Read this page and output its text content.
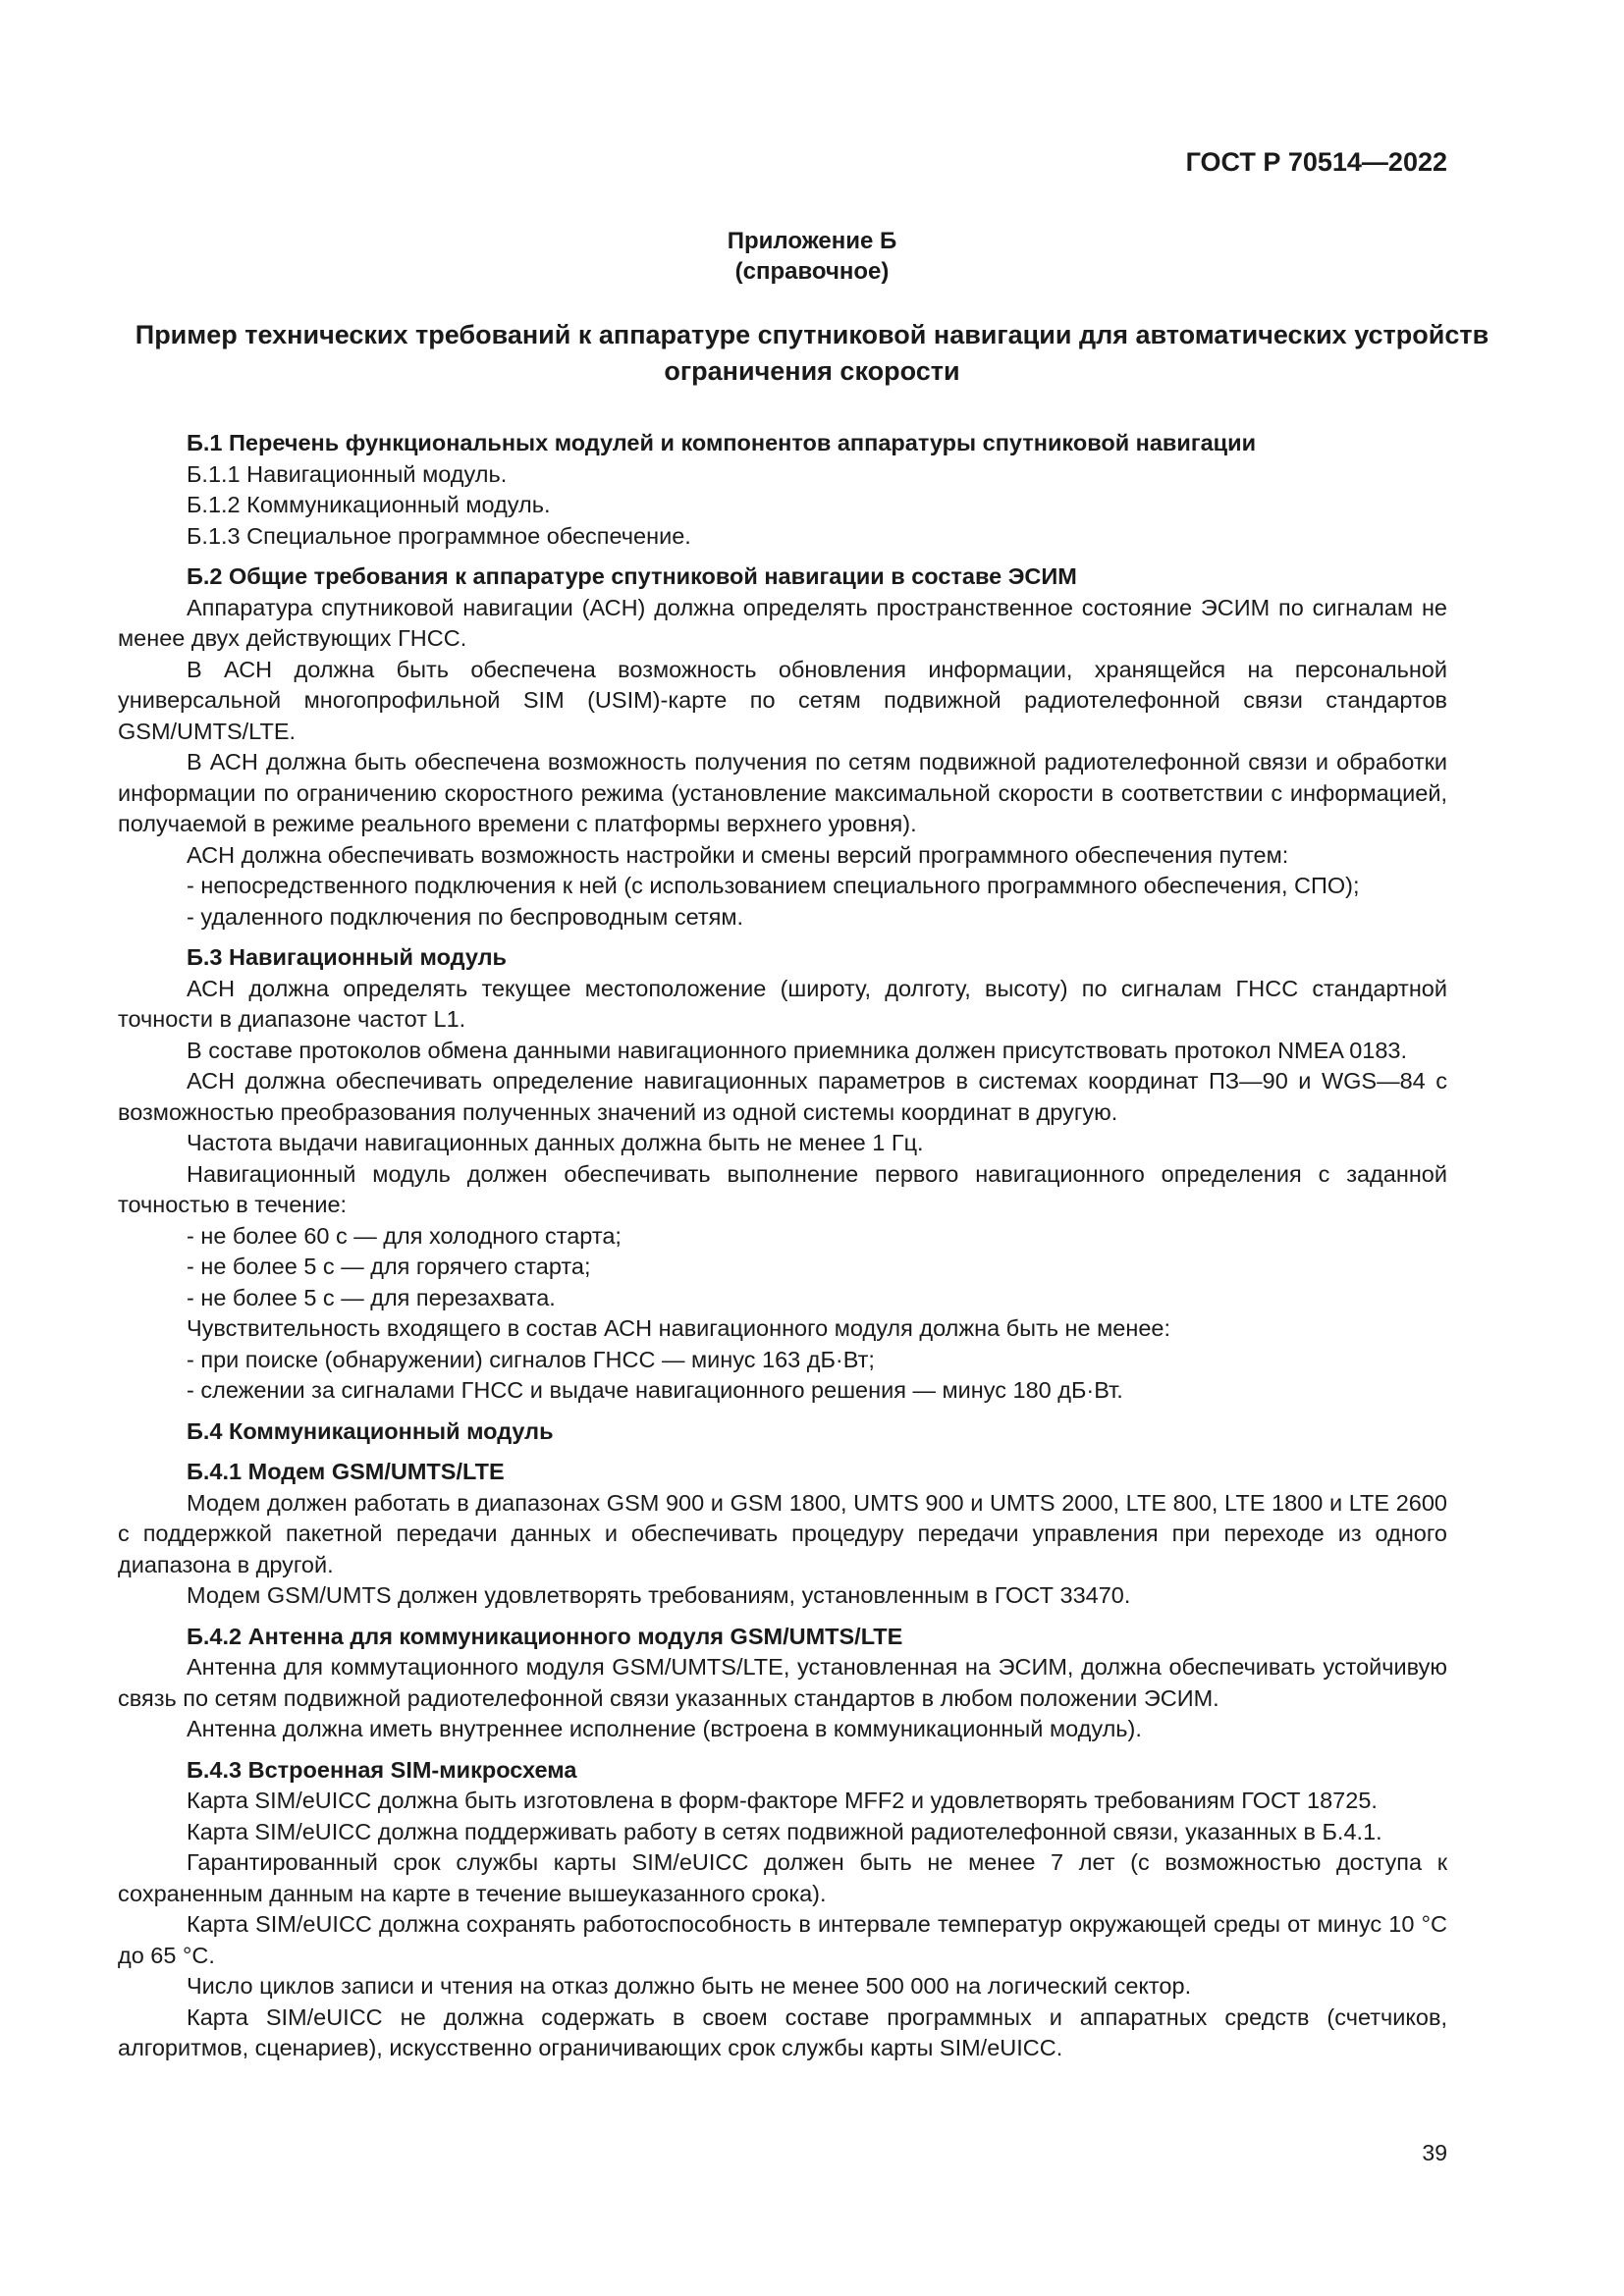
ГОСТ Р 70514—2022
Приложение Б
(справочное)
Пример технических требований к аппаратуре спутниковой навигации для автоматических устройств ограничения скорости
Б.1 Перечень функциональных модулей и компонентов аппаратуры спутниковой навигации
Б.1.1 Навигационный модуль.
Б.1.2 Коммуникационный модуль.
Б.1.3 Специальное программное обеспечение.
Б.2 Общие требования к аппаратуре спутниковой навигации в составе ЭСИМ
Аппаратура спутниковой навигации (АСН) должна определять пространственное состояние ЭСИМ по сигналам не менее двух действующих ГНСС.
В АСН должна быть обеспечена возможность обновления информации, хранящейся на персональной универсальной многопрофильной SIM (USIM)-карте по сетям подвижной радиотелефонной связи стандартов GSM/UMTS/LTE.
В АСН должна быть обеспечена возможность получения по сетям подвижной радиотелефонной связи и обработки информации по ограничению скоростного режима (установление максимальной скорости в соответствии с информацией, получаемой в режиме реального времени с платформы верхнего уровня).
АСН должна обеспечивать возможность настройки и смены версий программного обеспечения путем:
- непосредственного подключения к ней (с использованием специального программного обеспечения, СПО);
- удаленного подключения по беспроводным сетям.
Б.3 Навигационный модуль
АСН должна определять текущее местоположение (широту, долготу, высоту) по сигналам ГНСС стандартной точности в диапазоне частот L1.
В составе протоколов обмена данными навигационного приемника должен присутствовать протокол NMEA 0183.
АСН должна обеспечивать определение навигационных параметров в системах координат ПЗ—90 и WGS—84 с возможностью преобразования полученных значений из одной системы координат в другую.
Частота выдачи навигационных данных должна быть не менее 1 Гц.
Навигационный модуль должен обеспечивать выполнение первого навигационного определения с заданной точностью в течение:
- не более 60 с — для холодного старта;
- не более 5 с — для горячего старта;
- не более 5 с — для перезахвата.
Чувствительность входящего в состав АСН навигационного модуля должна быть не менее:
- при поиске (обнаружении) сигналов ГНСС — минус 163 дБ·Вт;
- слежении за сигналами ГНСС и выдаче навигационного решения — минус 180 дБ·Вт.
Б.4 Коммуникационный модуль
Б.4.1 Модем GSM/UMTS/LTE
Модем должен работать в диапазонах GSM 900 и GSM 1800, UMTS 900 и UMTS 2000, LTE 800, LTE 1800 и LTE 2600 с поддержкой пакетной передачи данных и обеспечивать процедуру передачи управления при переходе из одного диапазона в другой.
Модем GSM/UMTS должен удовлетворять требованиям, установленным в ГОСТ 33470.
Б.4.2 Антенна для коммуникационного модуля GSM/UMTS/LTE
Антенна для коммутационного модуля GSM/UMTS/LTE, установленная на ЭСИМ, должна обеспечивать устойчивую связь по сетям подвижной радиотелефонной связи указанных стандартов в любом положении ЭСИМ.
Антенна должна иметь внутреннее исполнение (встроена в коммуникационный модуль).
Б.4.3 Встроенная SIM-микросхема
Карта SIM/eUICC должна быть изготовлена в форм-факторе MFF2 и удовлетворять требованиям ГОСТ 18725.
Карта SIM/eUICC должна поддерживать работу в сетях подвижной радиотелефонной связи, указанных в Б.4.1.
Гарантированный срок службы карты SIM/eUICC должен быть не менее 7 лет (с возможностью доступа к сохраненным данным на карте в течение вышеуказанного срока).
Карта SIM/eUICC должна сохранять работоспособность в интервале температур окружающей среды от минус 10 °C до 65 °C.
Число циклов записи и чтения на отказ должно быть не менее 500 000 на логический сектор.
Карта SIM/eUICC не должна содержать в своем составе программных и аппаратных средств (счетчиков, алгоритмов, сценариев), искусственно ограничивающих срок службы карты SIM/eUICC.
39
